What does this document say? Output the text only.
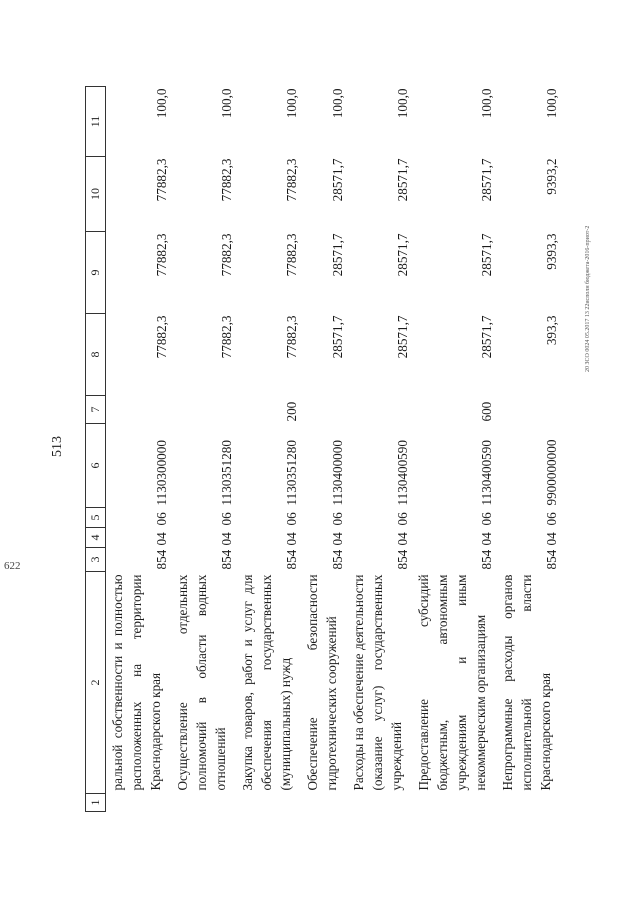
513
1	2	3	4	5	6	7	8	9	10	11
	ральной собственности и полностью расположенных на территории Краснодарского края	854	04	06	1130300000		77882,3	77882,3	77882,3	100,0
	Осуществление отдельных полномочий в области водных отношений	854	04	06	1130351280		77882,3	77882,3	77882,3	100,0
	Закупка товаров, работ и услуг для обеспечения государственных (муниципальных) нужд	854	04	06	1130351280	200	77882,3	77882,3	77882,3	100,0
	Обеспечение безопасности гидротехнических сооружений	854	04	06	1130400000		28571,7	28571,7	28571,7	100,0
	Расходы на обеспечение деятельности (оказание услуг) государственных учреждений	854	04	06	1130400590		28571,7	28571,7	28571,7	100,0
	Предоставление субсидий бюджетным, автономным учреждениям и иным некоммерческим организациям	854	04	06	1130400590	600	28571,7	28571,7	28571,7	100,0
	Непрограммные расходы органов исполнительной власти Краснодарского края	854	04	06	9900000000		393,3	9393,3	9393,2	100,0
20 ЗСО 0024 05.2017 13 22исполн бюджета-2016-приот-2
622
